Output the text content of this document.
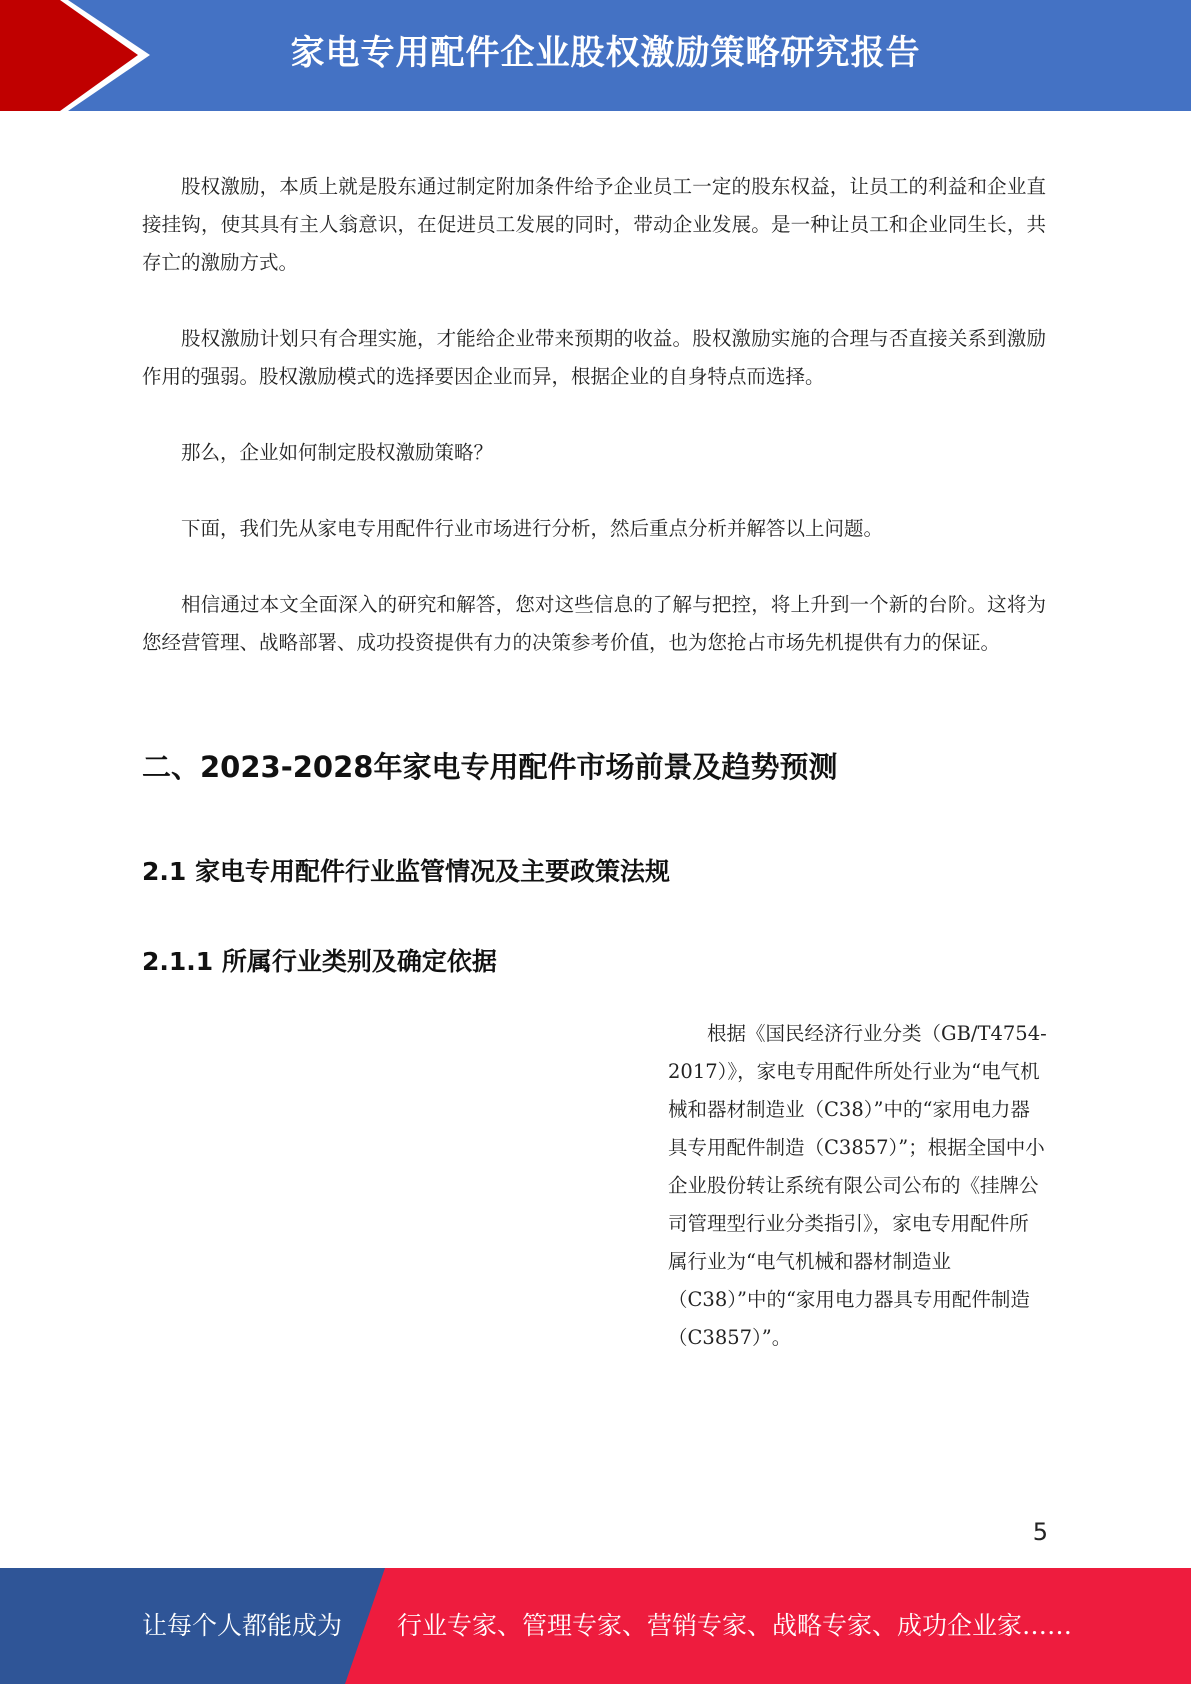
家电专用配件企业股权激励策略研究报告

股权激励，本质上就是股东通过制定附加条件给予企业员工一定的股东权益，让员工的利益和企业直接挂钩，使其具有主人翁意识，在促进员工发展的同时，带动企业发展。是一种让员工和企业同生长，共存亡的激励方式。

股权激励计划只有合理实施，才能给企业带来预期的收益。股权激励实施的合理与否直接关系到激励作用的强弱。股权激励模式的选择要因企业而异，根据企业的自身特点而选择。

那么，企业如何制定股权激励策略？

下面，我们先从家电专用配件行业市场进行分析，然后重点分析并解答以上问题。

相信通过本文全面深入的研究和解答，您对这些信息的了解与把控，将上升到一个新的台阶。这将为您经营管理、战略部署、成功投资提供有力的决策参考价值，也为您抢占市场先机提供有力的保证。

二、2023-2028年家电专用配件市场前景及趋势预测
2.1 家电专用配件行业监管情况及主要政策法规
2.1.1 所属行业类别及确定依据

根据《国民经济行业分类（GB/T4754-2017）》，家电专用配件所处行业为“电气机械和器材制造业（C38）”中的“家用电力器具专用配件制造（C3857）”；根据全国中小企业股份转让系统有限公司公布的《挂牌公司管理型行业分类指引》，家电专用配件所属行业为“电气机械和器材制造业（C38）”中的“家用电力器具专用配件制造（C3857）”。

5
让每个人都能成为 行业专家、管理专家、营销专家、战略专家、成功企业家……
